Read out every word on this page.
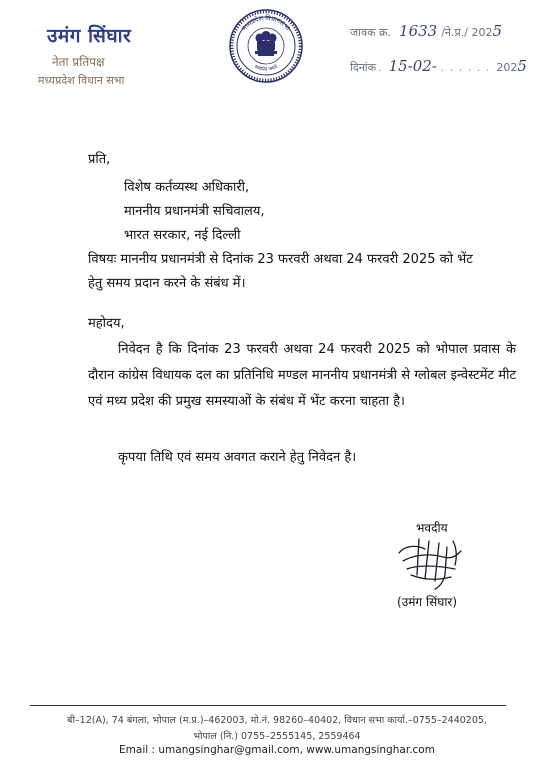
उमंग सिंघार
नेता प्रतिपक्ष
मध्यप्रदेश विधान सभा
मध्यप्रदेश विधानसभा
सत्यमेव जयते
जावक क्र. 1633 /ने.प्र./ 202 5
दिनांक . 15-02- . . . . . . 202 5
प्रति,
विशेष कर्तव्यस्थ अधिकारी,
माननीय प्रधानमंत्री सचिवालय,
भारत सरकार, नई दिल्ली
विषयः माननीय प्रधानमंत्री से दिनांक 23 फरवरी अथवा 24 फरवरी 2025 को भेंट
हेतु समय प्रदान करने के संबंध में।
महोदय,
निवेदन है कि दिनांक 23 फरवरी अथवा 24 फरवरी 2025 को भोपाल प्रवास के दौरान कांग्रेस विधायक दल का प्रतिनिधि मण्डल माननीय प्रधानमंत्री से ग्लोबल इन्वेस्टमेंट मीट एवं मध्य प्रदेश की प्रमुख समस्याओं के संबंध में भेंट करना चाहता है।
कृपया तिथि एवं समय अवगत कराने हेतु निवेदन है।
भवदीय
(उमंग सिंघार)
बी–12(A), 74 बंगला, भोपाल (म.प्र.)–462003, मो.नं. 98260–40402, विधान सभा कार्या.–0755–2440205,
भोपाल (नि.) 0755–2555145, 2559464
Email : umangsinghar@gmail.com, www.umangsinghar.com
